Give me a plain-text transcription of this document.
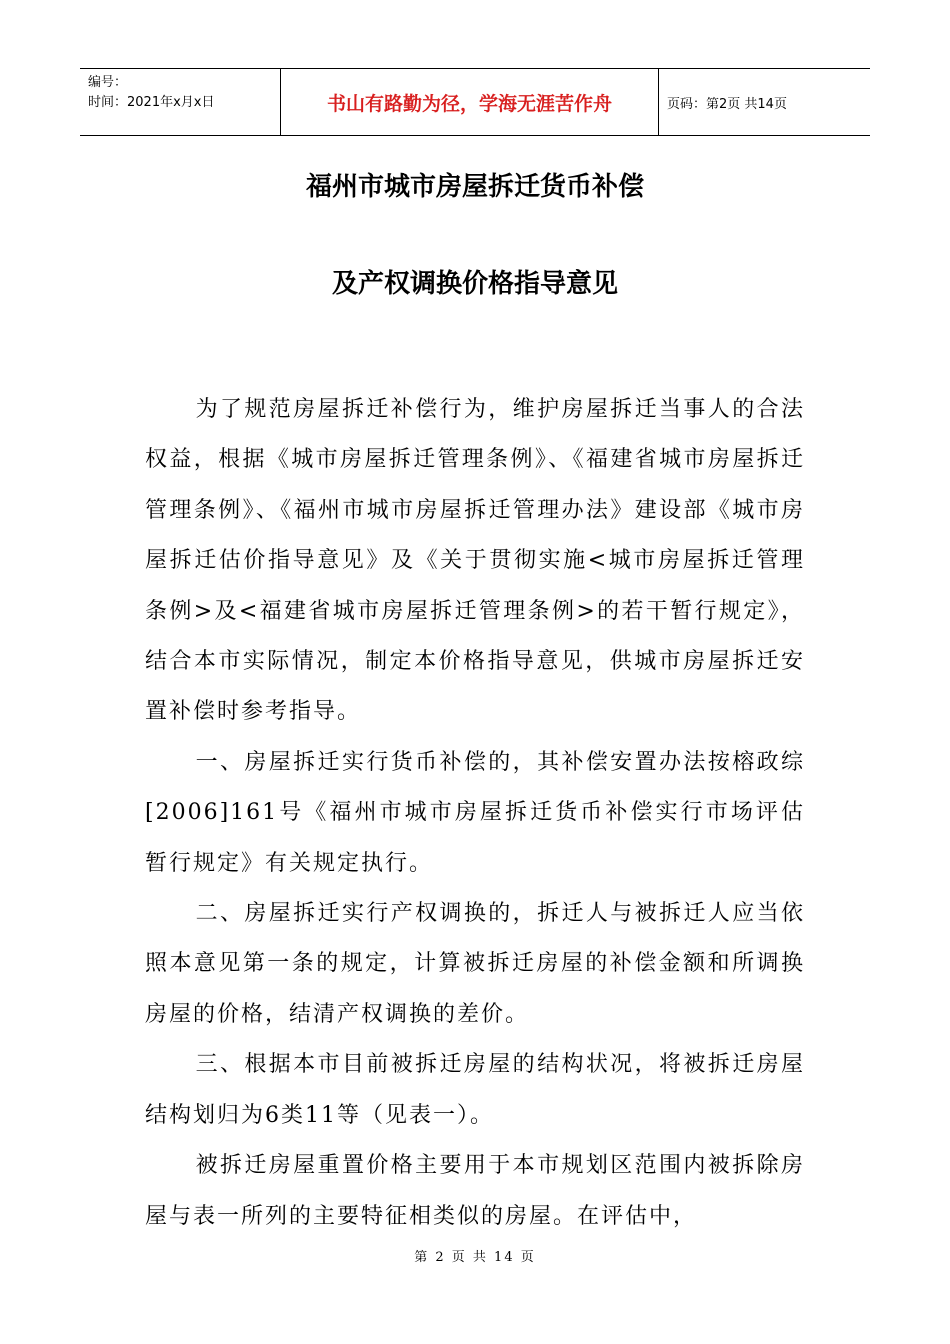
编号：
时间：2021年x月x日	书山有路勤为径，学海无涯苦作舟	页码：第2页 共14页
福州市城市房屋拆迁货币补偿
及产权调换价格指导意见

为了规范房屋拆迁补偿行为，维护房屋拆迁当事人的合法权益，根据《城市房屋拆迁管理条例》、《福建省城市房屋拆迁管理条例》、《福州市城市房屋拆迁管理办法》建设部《城市房屋拆迁估价指导意见》及《关于贯彻实施<城市房屋拆迁管理条例>及<福建省城市房屋拆迁管理条例>的若干暂行规定》，结合本市实际情况，制定本价格指导意见，供城市房屋拆迁安置补偿时参考指导。

一、房屋拆迁实行货币补偿的，其补偿安置办法按榕政综[2006]161号《福州市城市房屋拆迁货币补偿实行市场评估暂行规定》有关规定执行。

二、房屋拆迁实行产权调换的，拆迁人与被拆迁人应当依照本意见第一条的规定，计算被拆迁房屋的补偿金额和所调换房屋的价格，结清产权调换的差价。

三、根据本市目前被拆迁房屋的结构状况，将被拆迁房屋结构划归为6类11等（见表一）。

被拆迁房屋重置价格主要用于本市规划区范围内被拆除房屋与表一所列的主要特征相类似的房屋。在评估中，

第 2 页 共 14 页
